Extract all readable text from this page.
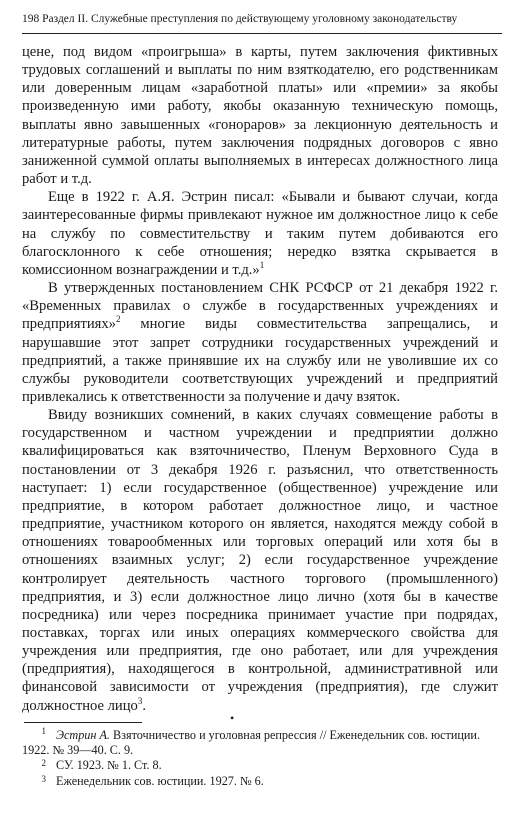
198 Раздел II. Служебные преступления по действующему уголовному законодательству

цене, под видом «проигрыша» в карты, путем заключения фиктивных трудовых соглашений и выплаты по ним взяткодателю, его родственникам или доверенным лицам «заработной платы» или «премии» за якобы произведенную ими работу, якобы оказанную техническую помощь, выплаты явно завышенных «гонораров» за лекционную деятельность и литературные работы, путем заключения подрядных договоров с явно заниженной суммой оплаты выполняемых в интересах должностного лица работ и т.д.

Еще в 1922 г. А.Я. Эстрин писал: «Бывали и бывают случаи, когда заинтересованные фирмы привлекают нужное им должностное лицо к себе на службу по совместительству и таким путем добиваются его благосклонного к себе отношения; нередко взятка скрывается в комиссионном вознаграждении и т.д.»$^1$

В утвержденных постановлением СНК РСФСР от 21 декабря 1922 г. «Временных правилах о службе в государственных учреждениях и предприятиях»$^2$ многие виды совместительства запрещались, и нарушавшие этот запрет сотрудники государственных учреждений и предприятий, а также принявшие их на службу или не уволившие их со службы руководители соответствующих учреждений и предприятий привлекались к ответственности за получение и дачу взяток.

Ввиду возникших сомнений, в каких случаях совмещение работы в государственном и частном учреждении и предприятии должно квалифицироваться как взяточничество, Пленум Верховного Суда в постановлении от 3 декабря 1926 г. разъяснил, что ответственность наступает: 1) если государственное (общественное) учреждение или предприятие, в котором работает должностное лицо, и частное предприятие, участником которого он является, находятся между собой в отношениях товарообменных или торговых операций или хотя бы в отношениях взаимных услуг; 2) если государственное учреждение контролирует деятельность частного торгового (промышленного) предприятия, и 3) если должностное лицо лично (хотя бы в качестве посредника) или через посредника принимает участие при подрядах, поставках, торгах или иных операциях коммерческого свойства для учреждения или предприятия, где оно работает, или для учреждения (предприятия), находящегося в контрольной, административной или финансовой зависимости от учреждения (предприятия), где служит должностное лицо$^3$.

•
1 Эстрин А. Взяточничество и уголовная репрессия // Еженедельник сов. юстиции. 1922. № 39—40. С. 9.
2 СУ. 1923. № 1. Ст. 8.
3 Еженедельник сов. юстиции. 1927. № 6.
